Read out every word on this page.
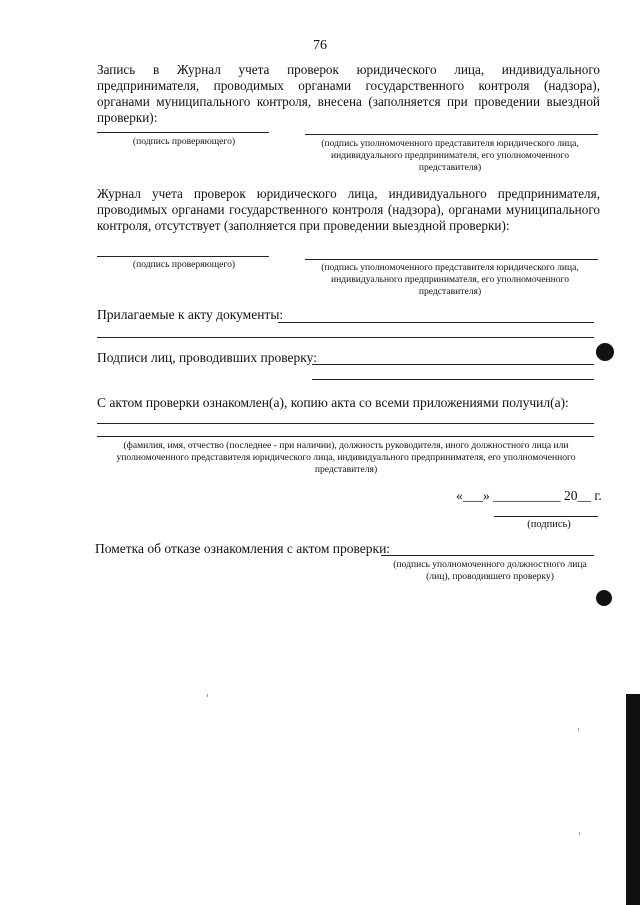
76
Запись в Журнал учета проверок юридического лица, индивидуального предпринимателя, проводимых органами государственного контроля (надзора), органами муниципального контроля, внесена (заполняется при проведении выездной проверки):
(подпись проверяющего)	(подпись уполномоченного представителя юридического лица, индивидуального предпринимателя, его уполномоченного представителя)
Журнал учета проверок юридического лица, индивидуального предпринимателя, проводимых органами государственного контроля (надзора), органами муниципального контроля, отсутствует (заполняется при проведении выездной проверки):
(подпись проверяющего)	(подпись уполномоченного представителя юридического лица, индивидуального предпринимателя, его уполномоченного представителя)
Прилагаемые к акту документы:
Подписи лиц, проводивших проверку:
С актом проверки ознакомлен(а), копию акта со всеми приложениями получил(а):
(фамилия, имя, отчество (последнее - при наличии), должность руководителя, иного должностного лица или уполномоченного представителя юридического лица, индивидуального предпринимателя, его уполномоченного представителя)
«___» __________ 20__ г.
(подпись)
Пометка об отказе ознакомления с актом проверки:
(подпись уполномоченного должностного лица (лиц), проводившего проверку)
